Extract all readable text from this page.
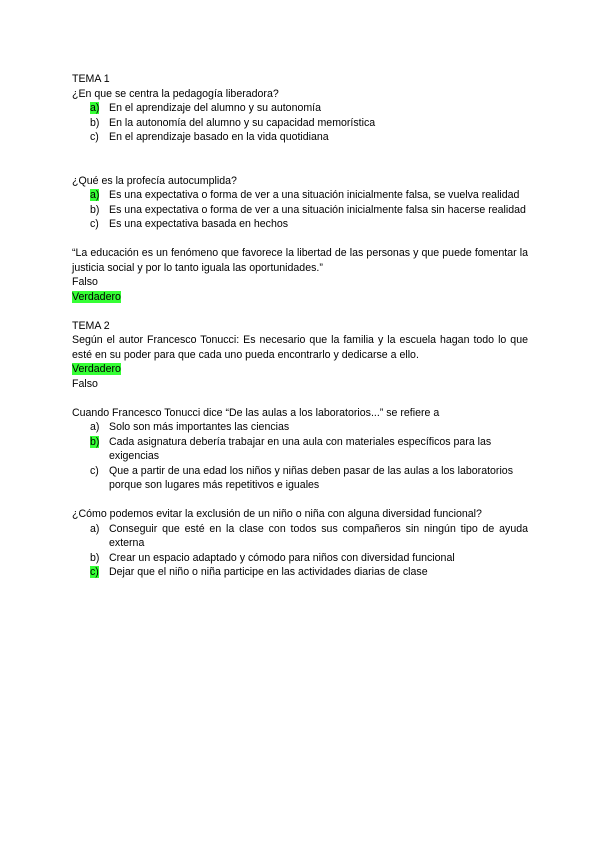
TEMA 1

¿En que se centra la pedagogía liberadora?

a) En el aprendizaje del alumno y su autonomía
b) En la autonomía del alumno y su capacidad memorística
c) En el aprendizaje basado en la vida quotidiana

¿Qué es la profecía autocumplida?

a) Es una expectativa o forma de ver a una situación inicialmente falsa, se vuelva realidad
b) Es una expectativa o forma de ver a una situación inicialmente falsa sin hacerse realidad
c) Es una expectativa basada en hechos

“La educación es un fenómeno que favorece la libertad de las personas y que puede fomentar la justicia social y por lo tanto iguala las oportunidades.”

Falso

Verdadero

TEMA 2

Según el autor Francesco Tonucci: Es necesario que la familia y la escuela hagan todo lo que esté en su poder para que cada uno pueda encontrarlo y dedicarse a ello.

Verdadero

Falso

Cuando Francesco Tonucci dice “De las aulas a los laboratorios...” se refiere a

a) Solo son más importantes las ciencias
b) Cada asignatura debería trabajar en una aula con materiales específicos para las exigencias
c) Que a partir de una edad los niños y niñas deben pasar de las aulas a los laboratorios porque son lugares más repetitivos e iguales

¿Cómo podemos evitar la exclusión de un niño o niña con alguna diversidad funcional?

a) Conseguir que esté en la clase con todos sus compañeros sin ningún tipo de ayuda externa
b) Crear un espacio adaptado y cómodo para niños con diversidad funcional
c) Dejar que el niño o niña participe en las actividades diarias de clase
